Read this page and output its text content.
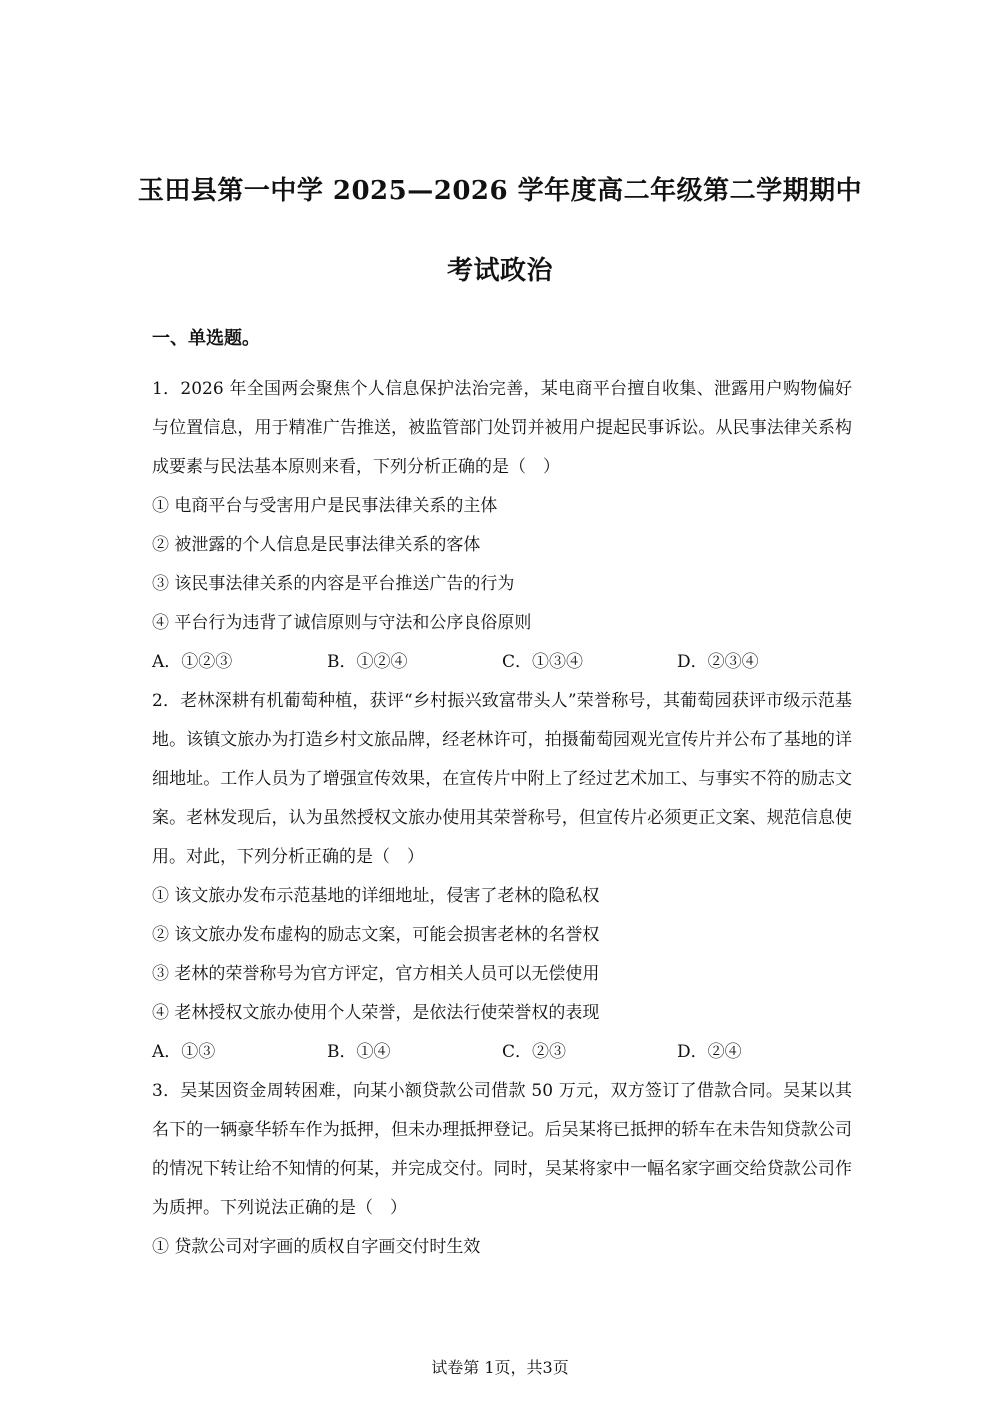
玉田县第一中学 2025—2026 学年度高二年级第二学期期中
考试政治
一、单选题。
1．2026 年全国两会聚焦个人信息保护法治完善，某电商平台擅自收集、泄露用户购物偏好与位置信息，用于精准广告推送，被监管部门处罚并被用户提起民事诉讼。从民事法律关系构成要素与民法基本原则来看，下列分析正确的是（　）
① 电商平台与受害用户是民事法律关系的主体
② 被泄露的个人信息是民事法律关系的客体
③ 该民事法律关系的内容是平台推送广告的行为
④ 平台行为违背了诚信原则与守法和公序良俗原则
A．①②③	B．①②④	C．①③④	D．②③④
2．老林深耕有机葡萄种植，获评“乡村振兴致富带头人”荣誉称号，其葡萄园获评市级示范基地。该镇文旅办为打造乡村文旅品牌，经老林许可，拍摄葡萄园观光宣传片并公布了基地的详细地址。工作人员为了增强宣传效果，在宣传片中附上了经过艺术加工、与事实不符的励志文案。老林发现后，认为虽然授权文旅办使用其荣誉称号，但宣传片必须更正文案、规范信息使用。对此，下列分析正确的是（　）
① 该文旅办发布示范基地的详细地址，侵害了老林的隐私权
② 该文旅办发布虚构的励志文案，可能会损害老林的名誉权
③ 老林的荣誉称号为官方评定，官方相关人员可以无偿使用
④ 老林授权文旅办使用个人荣誉，是依法行使荣誉权的表现
A．①③	B．①④	C．②③	D．②④
3．吴某因资金周转困难，向某小额贷款公司借款 50 万元，双方签订了借款合同。吴某以其名下的一辆豪华轿车作为抵押，但未办理抵押登记。后吴某将已抵押的轿车在未告知贷款公司的情况下转让给不知情的何某，并完成交付。同时，吴某将家中一幅名家字画交给贷款公司作为质押。下列说法正确的是（　）
① 贷款公司对字画的质权自字画交付时生效
试卷第 1页，共3页
